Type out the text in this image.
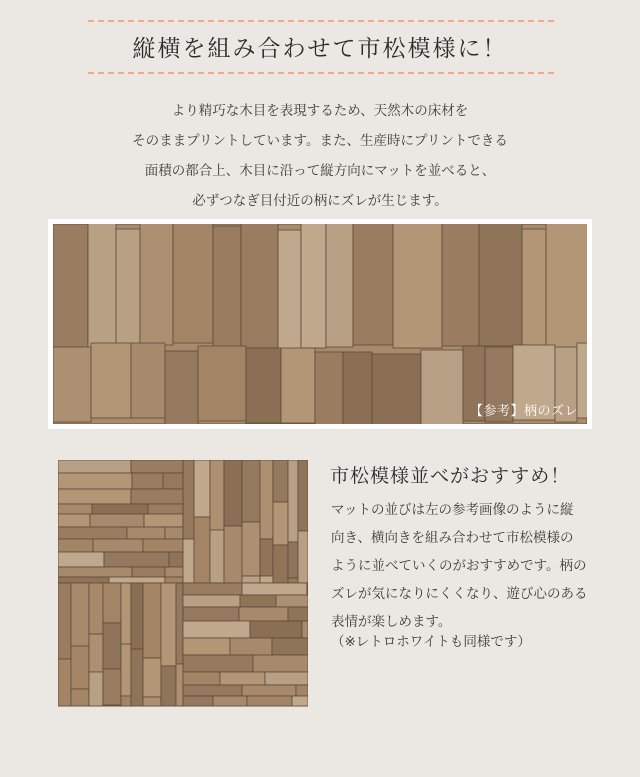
縦横を組み合わせて市松模様に！
より精巧な木目を表現するため、天然木の床材を
そのままプリントしています。また、生産時にプリントできる
面積の都合上、木目に沿って縦方向にマットを並べると、
必ずつなぎ目付近の柄にズレが生じます。
【参考】柄のズレ
市松模様並べがおすすめ！
マットの並びは左の参考画像のように縦
向き、横向きを組み合わせて市松模様の
ように並べていくのがおすすめです。柄の
ズレが気になりにくくなり、遊び心のある
表情が楽しめます。
（※レトロホワイトも同様です）
